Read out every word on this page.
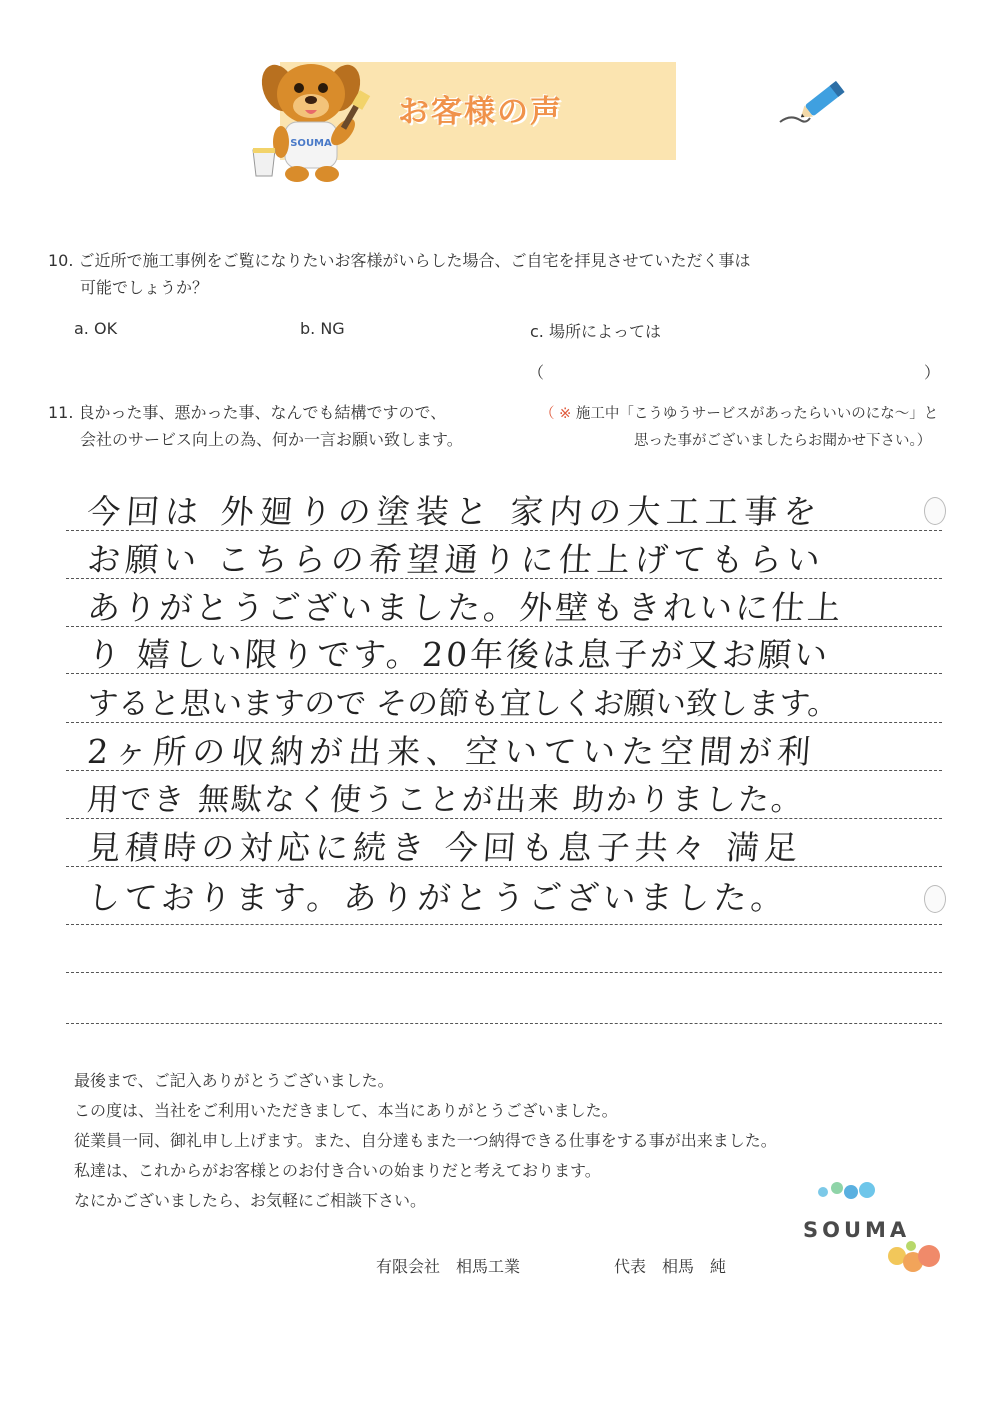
お客様の声
SOUMA
10. ご近所で施工事例をご覧になりたいお客様がいらした場合、ご自宅を拝見させていただく事は
可能でしょうか？
a. OK	b. NG	c. 場所によっては
（	）
11. 良かった事、悪かった事、なんでも結構ですので、
会社のサービス向上の為、何か一言お願い致します。
（ ※ 施工中「こうゆうサービスがあったらいいのにな～」と
思った事がございましたらお聞かせ下さい。）
今回は 外廻りの塗装と 家内の大工工事を
お願い こちらの希望通りに仕上げてもらい
ありがとうございました。外壁もきれいに仕上
り 嬉しい限りです。20年後は息子が又お願い
すると思いますので その節も宜しくお願い致します。
2ヶ所の収納が出来、空いていた空間が利
用でき 無駄なく使うことが出来 助かりました。
見積時の対応に続き 今回も息子共々 満足
しております。ありがとうございました。
最後まで、ご記入ありがとうございました。
この度は、当社をご利用いただきまして、本当にありがとうございました。
従業員一同、御礼申し上げます。また、自分達もまた一つ納得できる仕事をする事が出来ました。
私達は、これからがお客様とのお付き合いの始まりだと考えております。
なにかございましたら、お気軽にご相談下さい。
有限会社　相馬工業	代表　相馬　純
SOUMA
